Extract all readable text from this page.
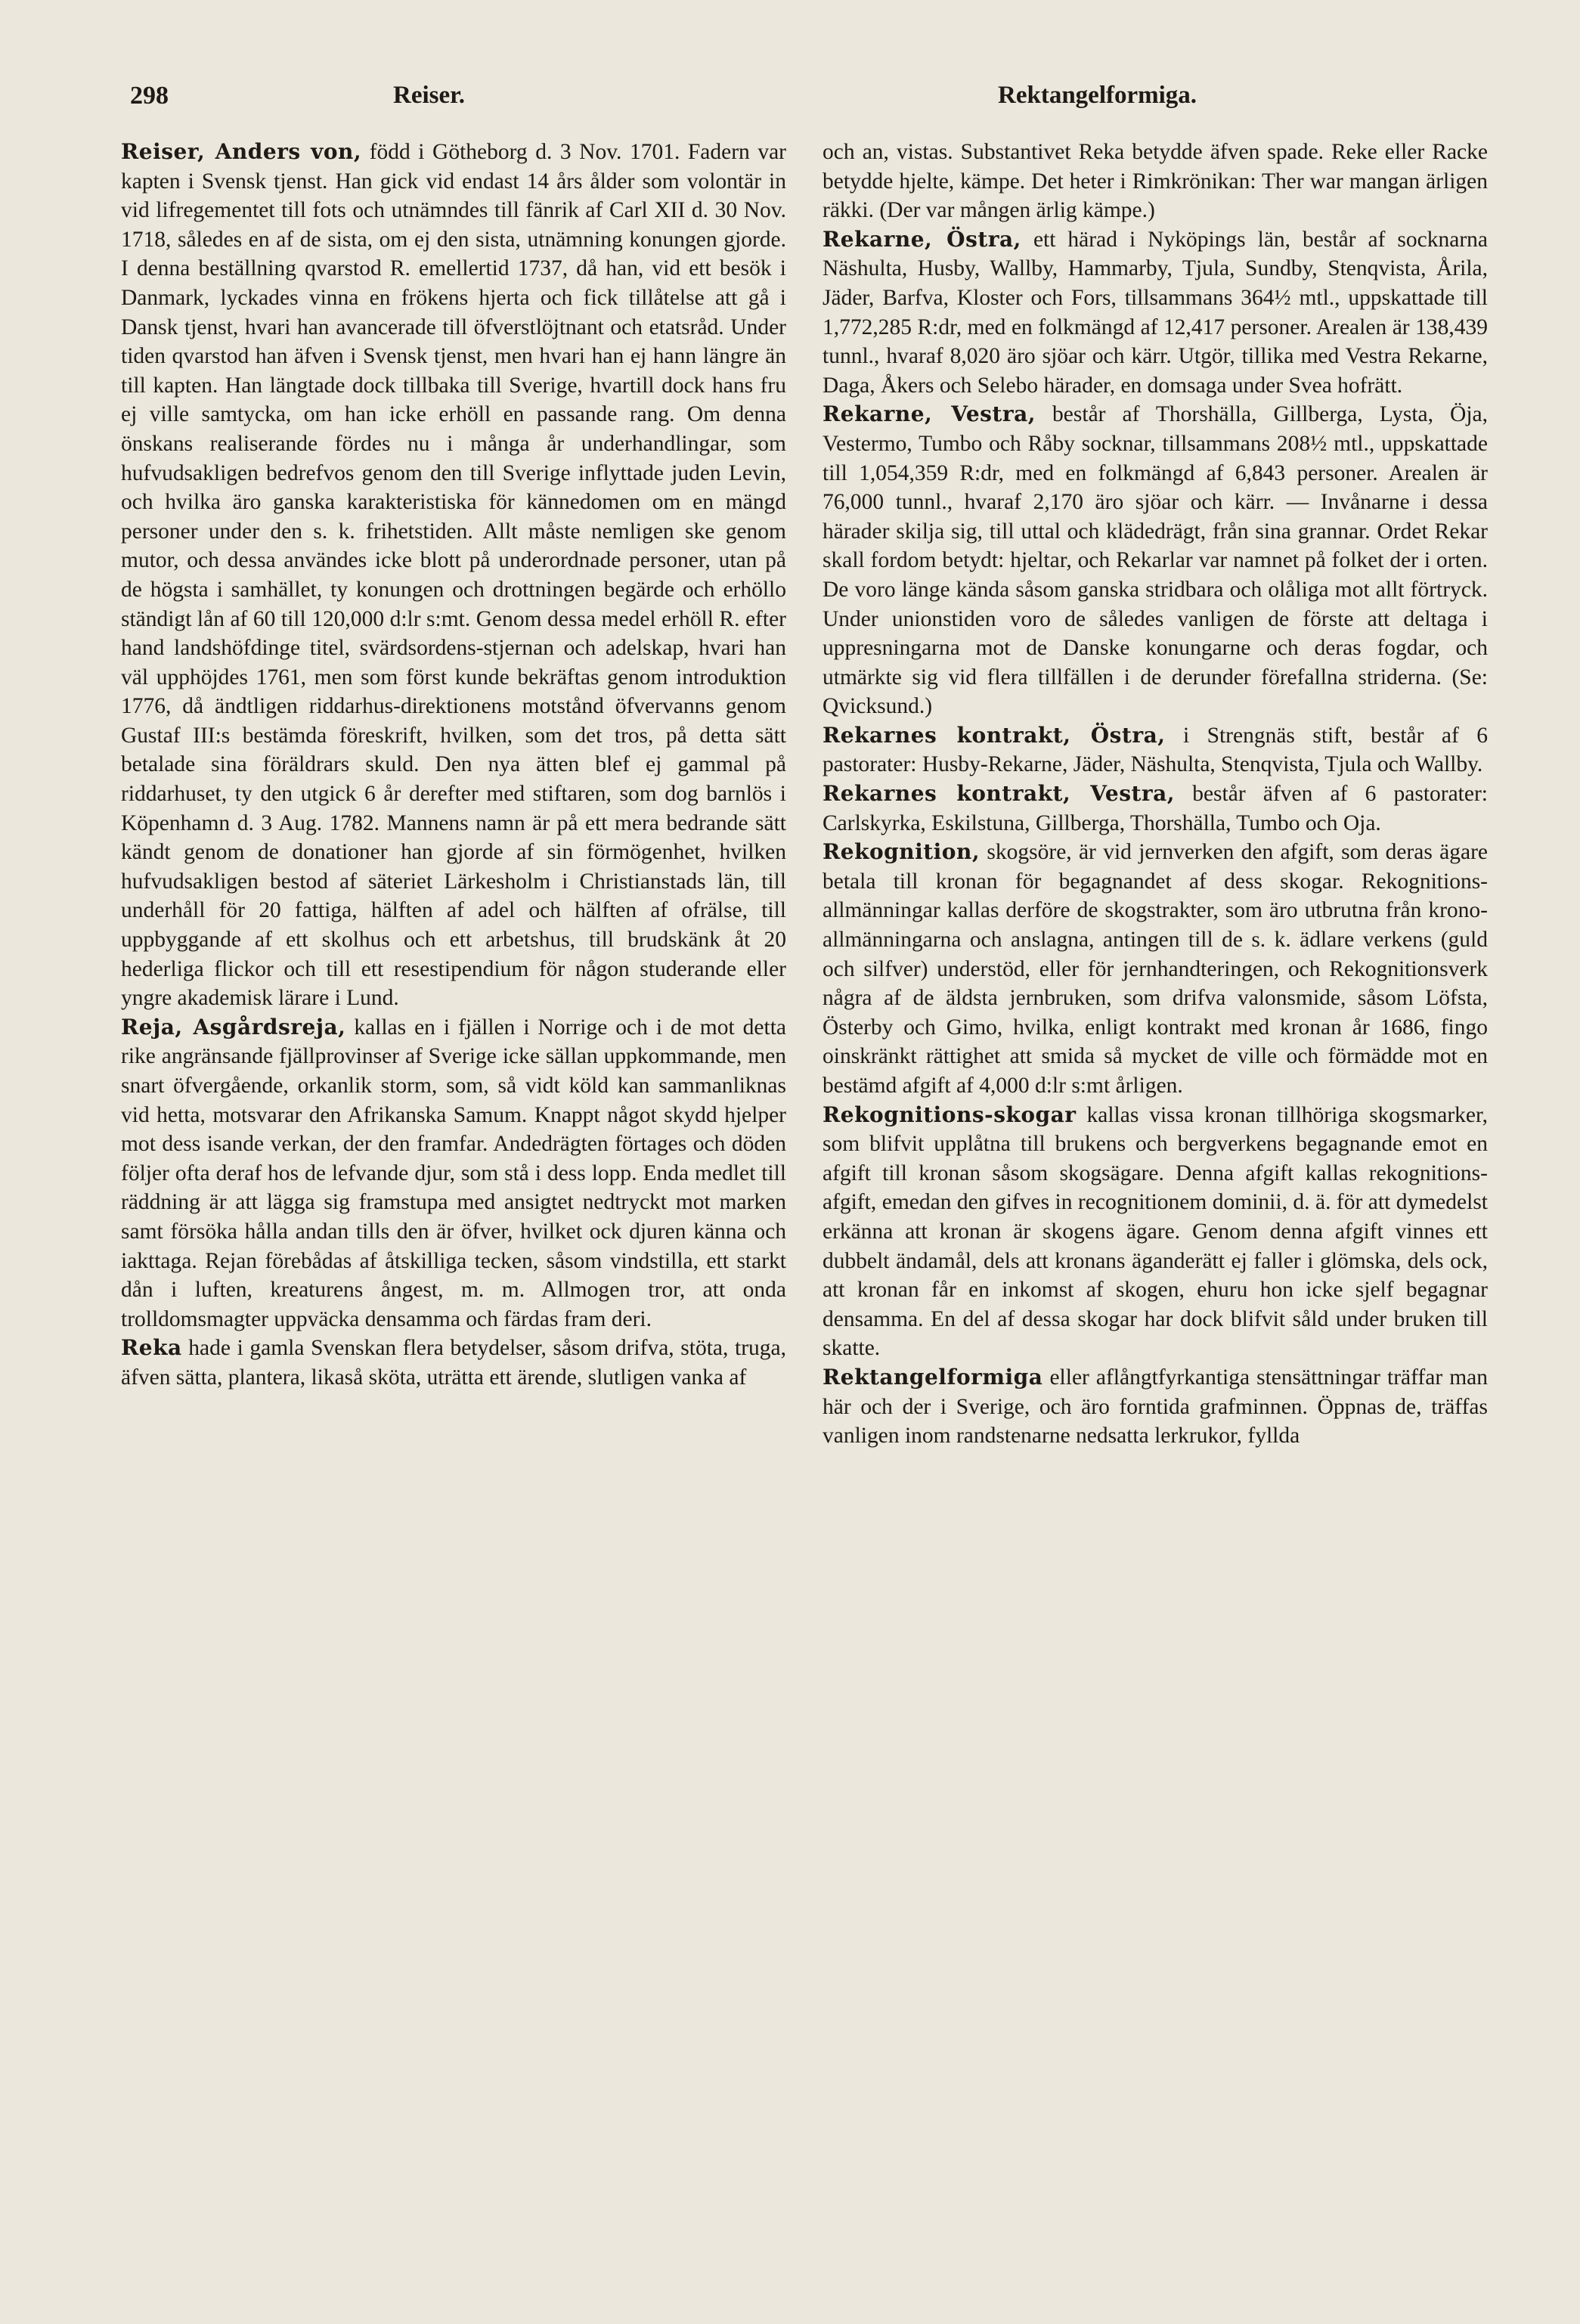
298	Reiser.	Rektangelformiga.

Reiser, Anders von, född i Götheborg d. 3 Nov. 1701. Fadern var kapten i Svensk tjenst. Han gick vid endast 14 års ålder som volontär in vid lifregementet till fots och utnämndes till fänrik af Carl XII d. 30 Nov. 1718, således en af de sista, om ej den sista, utnämning konungen gjorde. I denna beställning qvarstod R. emellertid 1737, då han, vid ett besök i Danmark, lyckades vinna en frökens hjerta och fick tillåtelse att gå i Dansk tjenst, hvari han avancerade till öfverstlöjtnant och etatsråd. Under tiden qvarstod han äfven i Svensk tjenst, men hvari han ej hann längre än till kapten. Han längtade dock tillbaka till Sverige, hvartill dock hans fru ej ville samtycka, om han icke erhöll en passande rang. Om denna önskans realiserande fördes nu i många år underhandlingar, som hufvudsakligen bedrefvos genom den till Sverige inflyttade juden Levin, och hvilka äro ganska karakteristiska för kännedomen om en mängd personer under den s. k. frihetstiden. Allt måste nemligen ske genom mutor, och dessa användes icke blott på underordnade personer, utan på de högsta i samhället, ty konungen och drottningen begärde och erhöllo ständigt lån af 60 till 120,000 d:lr s:mt. Genom dessa medel erhöll R. efter hand landshöfdinge titel, svärdsordens-stjernan och adelskap, hvari han väl upphöjdes 1761, men som först kunde bekräftas genom introduktion 1776, då ändtligen riddarhus-direktionens motstånd öfvervanns genom Gustaf III:s bestämda föreskrift, hvilken, som det tros, på detta sätt betalade sina föräldrars skuld. Den nya ätten blef ej gammal på riddarhuset, ty den utgick 6 år derefter med stiftaren, som dog barnlös i Köpenhamn d. 3 Aug. 1782. Mannens namn är på ett mera bedrande sätt kändt genom de donationer han gjorde af sin förmögenhet, hvilken hufvudsakligen bestod af säteriet Lärkesholm i Christianstads län, till underhåll för 20 fattiga, hälften af adel och hälften af ofrälse, till uppbyggande af ett skolhus och ett arbetshus, till brudskänk åt 20 hederliga flickor och till ett resestipendium för någon studerande eller yngre akademisk lärare i Lund.

Reja, Asgårdsreja, kallas en i fjällen i Norrige och i de mot detta rike angränsande fjällprovinser af Sverige icke sällan uppkommande, men snart öfvergående, orkanlik storm, som, så vidt köld kan sammanliknas vid hetta, motsvarar den Afrikanska Samum. Knappt något skydd hjelper mot dess isande verkan, der den framfar. Andedrägten förtages och döden följer ofta deraf hos de lefvande djur, som stå i dess lopp. Enda medlet till räddning är att lägga sig framstupa med ansigtet nedtryckt mot marken samt försöka hålla andan tills den är öfver, hvilket ock djuren känna och iakttaga. Rejan förebådas af åtskilliga tecken, såsom vindstilla, ett starkt dån i luften, kreaturens ångest, m. m. Allmogen tror, att onda trolldomsmagter uppväcka densamma och färdas fram deri.

Reka hade i gamla Svenskan flera betydelser, såsom drifva, stöta, truga, äfven sätta, plantera, likaså sköta, uträtta ett ärende, slutligen vanka af

och an, vistas. Substantivet Reka betydde äfven spade. Reke eller Racke betydde hjelte, kämpe. Det heter i Rimkrönikan: Ther war mangan ärligen räkki. (Der var mången ärlig kämpe.)

Rekarne, Östra, ett härad i Nyköpings län, består af socknarna Näshulta, Husby, Wallby, Hammarby, Tjula, Sundby, Stenqvista, Årila, Jäder, Barfva, Kloster och Fors, tillsammans 364½ mtl., uppskattade till 1,772,285 R:dr, med en folkmängd af 12,417 personer. Arealen är 138,439 tunnl., hvaraf 8,020 äro sjöar och kärr. Utgör, tillika med Vestra Rekarne, Daga, Åkers och Selebo härader, en domsaga under Svea hofrätt.

Rekarne, Vestra, består af Thorshälla, Gillberga, Lysta, Öja, Vestermo, Tumbo och Råby socknar, tillsammans 208½ mtl., uppskattade till 1,054,359 R:dr, med en folkmängd af 6,843 personer. Arealen är 76,000 tunnl., hvaraf 2,170 äro sjöar och kärr. — Invånarne i dessa härader skilja sig, till uttal och klädedrägt, från sina grannar. Ordet Rekar skall fordom betydt: hjeltar, och Rekarlar var namnet på folket der i orten. De voro länge kända såsom ganska stridbara och olåliga mot allt förtryck. Under unionstiden voro de således vanligen de förste att deltaga i uppresningarna mot de Danske konungarne och deras fogdar, och utmärkte sig vid flera tillfällen i de derunder förefallna striderna. (Se: Qvicksund.)

Rekarnes kontrakt, Östra, i Strengnäs stift, består af 6 pastorater: Husby-Rekarne, Jäder, Näshulta, Stenqvista, Tjula och Wallby.

Rekarnes kontrakt, Vestra, består äfven af 6 pastorater: Carlskyrka, Eskilstuna, Gillberga, Thorshälla, Tumbo och Oja.

Rekognition, skogsöre, är vid jernverken den afgift, som deras ägare betala till kronan för begagnandet af dess skogar. Rekognitions-allmänningar kallas derföre de skogstrakter, som äro utbrutna från krono-allmänningarna och anslagna, antingen till de s. k. ädlare verkens (guld och silfver) understöd, eller för jernhandteringen, och Rekognitionsverk några af de äldsta jernbruken, som drifva valonsmide, såsom Löfsta, Österby och Gimo, hvilka, enligt kontrakt med kronan år 1686, fingo oinskränkt rättighet att smida så mycket de ville och förmädde mot en bestämd afgift af 4,000 d:lr s:mt årligen.

Rekognitions-skogar kallas vissa kronan tillhöriga skogsmarker, som blifvit upplåtna till brukens och bergverkens begagnande emot en afgift till kronan såsom skogsägare. Denna afgift kallas rekognitions-afgift, emedan den gifves in recognitionem dominii, d. ä. för att dymedelst erkänna att kronan är skogens ägare. Genom denna afgift vinnes ett dubbelt ändamål, dels att kronans äganderätt ej faller i glömska, dels ock, att kronan får en inkomst af skogen, ehuru hon icke sjelf begagnar densamma. En del af dessa skogar har dock blifvit såld under bruken till skatte.

Rektangelformiga eller aflångtfyrkantiga stensättningar träffar man här och der i Sverige, och äro forntida grafminnen. Öppnas de, träffas vanligen inom randstenarne nedsatta lerkrukor, fyllda
